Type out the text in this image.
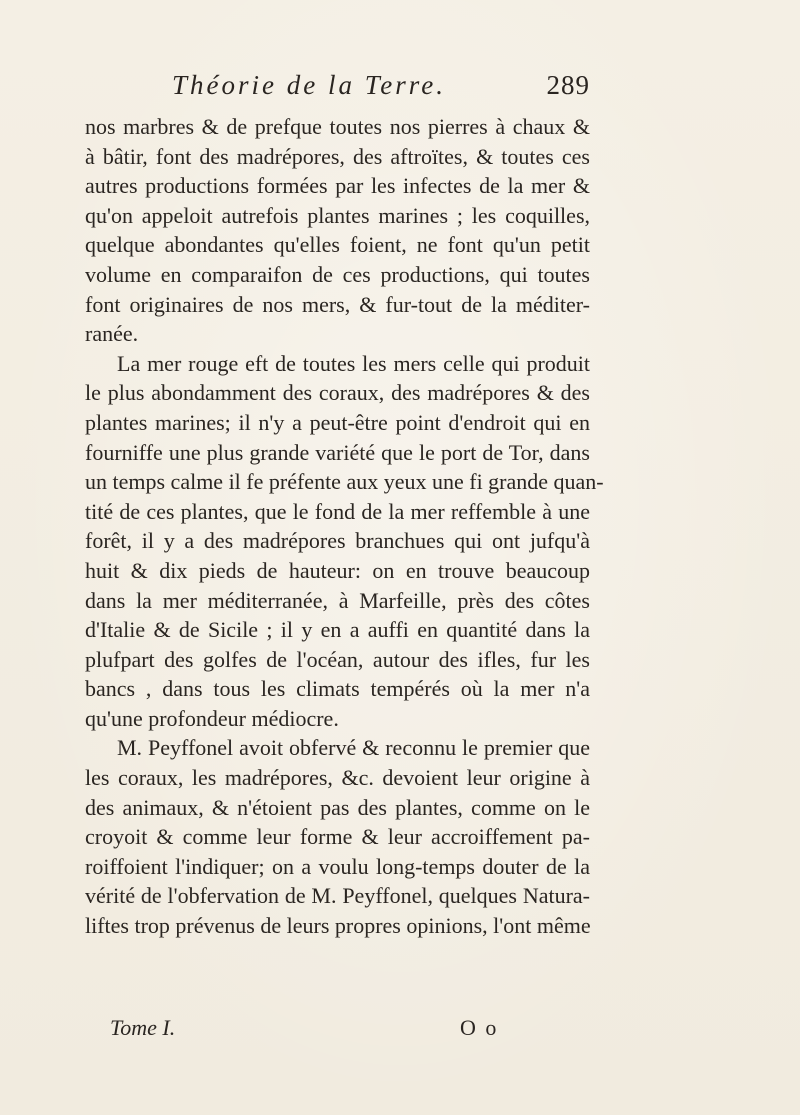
Théorie de la Terre.	289
nos marbres & de prefque toutes nos pierres à chaux &
à bâtir, font des madrépores, des aftroïtes, & toutes ces
autres productions formées par les infectes de la mer &
qu'on appeloit autrefois plantes marines ; les coquilles,
quelque abondantes qu'elles foient, ne font qu'un petit
volume en comparaifon de ces productions, qui toutes
font originaires de nos mers, & fur-tout de la méditer-
ranée.
La mer rouge eft de toutes les mers celle qui produit
le plus abondamment des coraux, des madrépores & des
plantes marines; il n'y a peut-être point d'endroit qui en
fourniffe une plus grande variété que le port de Tor, dans
un temps calme il fe préfente aux yeux une fi grande quan-
tité de ces plantes, que le fond de la mer reffemble à une
forêt, il y a des madrépores branchues qui ont jufqu'à
huit & dix pieds de hauteur: on en trouve beaucoup
dans la mer méditerranée, à Marfeille, près des côtes
d'Italie & de Sicile ; il y en a auffi en quantité dans la
plufpart des golfes de l'océan, autour des ifles, fur les
bancs , dans tous les climats tempérés où la mer n'a
qu'une profondeur médiocre.
M. Peyffonel avoit obfervé & reconnu le premier que
les coraux, les madrépores, &c. devoient leur origine à
des animaux, & n'étoient pas des plantes, comme on le
croyoit & comme leur forme & leur accroiffement pa-
roiffoient l'indiquer; on a voulu long-temps douter de la
vérité de l'obfervation de M. Peyffonel, quelques Natura-
liftes trop prévenus de leurs propres opinions, l'ont même
Tome I.	O o
